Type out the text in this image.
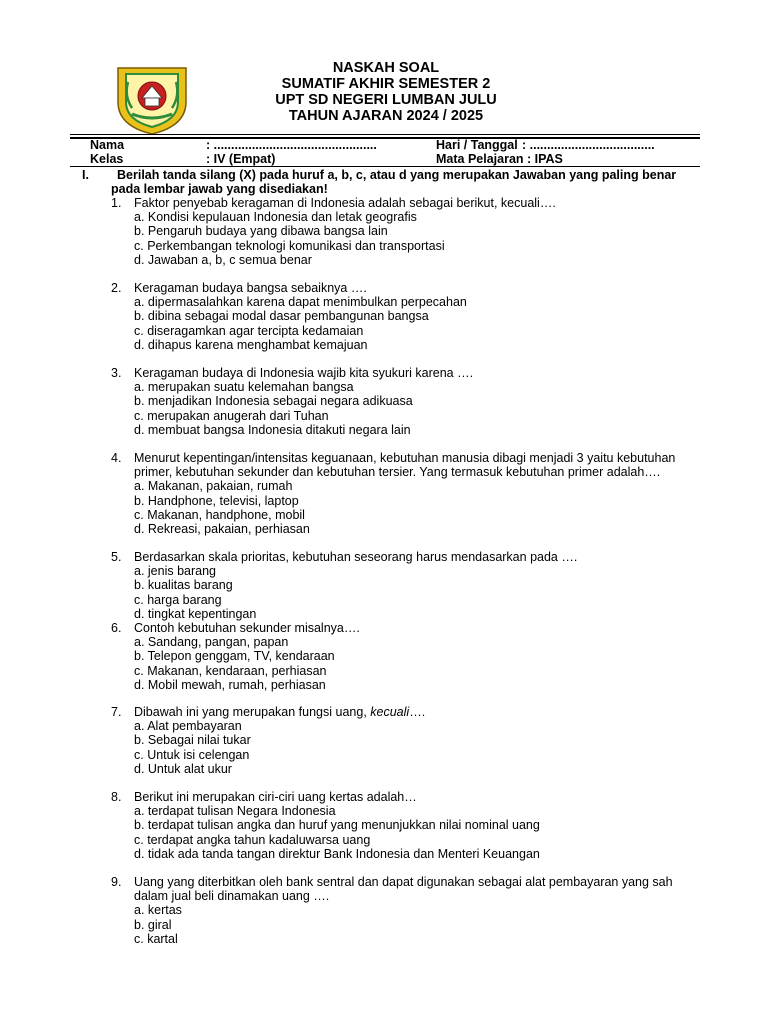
NASKAH SOAL
SUMATIF AKHIR SEMESTER 2
UPT SD NEGERI LUMBAN JULU
TAHUN AJARAN 2024 / 2025
Nama	: ...............................................
Kelas	: IV (Empat)
Hari / Tanggal : ....................................
Mata Pelajaran : IPAS
I.	Berilah tanda silang (X) pada huruf a, b, c, atau d yang merupakan Jawaban yang paling benar
pada lembar jawab yang disediakan!
1. Faktor penyebab keragaman di Indonesia adalah sebagai berikut, kecuali….
a. Kondisi kepulauan Indonesia dan letak geografis
b. Pengaruh budaya yang dibawa bangsa lain
c. Perkembangan teknologi komunikasi dan transportasi
d. Jawaban a, b, c semua benar
2. Keragaman budaya bangsa sebaiknya ….
a. dipermasalahkan karena dapat menimbulkan perpecahan
b. dibina sebagai modal dasar pembangunan bangsa
c. diseragamkan agar tercipta kedamaian
d. dihapus karena menghambat kemajuan
3. Keragaman budaya di Indonesia wajib kita syukuri karena ….
a. merupakan suatu kelemahan bangsa
b. menjadikan Indonesia sebagai negara adikuasa
c. merupakan anugerah dari Tuhan
d. membuat bangsa Indonesia ditakuti negara lain
4. Menurut kepentingan/intensitas keguanaan, kebutuhan manusia dibagi menjadi 3 yaitu kebutuhan
primer, kebutuhan sekunder dan kebutuhan tersier. Yang termasuk kebutuhan primer adalah….
a. Makanan, pakaian, rumah
b. Handphone, televisi, laptop
c. Makanan, handphone, mobil
d. Rekreasi, pakaian, perhiasan
5. Berdasarkan skala prioritas, kebutuhan seseorang harus mendasarkan pada ….
a. jenis barang
b. kualitas barang
c. harga barang
d. tingkat kepentingan
6. Contoh kebutuhan sekunder misalnya….
a. Sandang, pangan, papan
b. Telepon genggam, TV, kendaraan
c. Makanan, kendaraan, perhiasan
d. Mobil mewah, rumah, perhiasan
7. Dibawah ini yang merupakan fungsi uang, kecuali….
a. Alat pembayaran
b. Sebagai nilai tukar
c. Untuk isi celengan
d. Untuk alat ukur
8. Berikut ini merupakan ciri-ciri uang kertas adalah…
a. terdapat tulisan Negara Indonesia
b. terdapat tulisan angka dan huruf yang menunjukkan nilai nominal uang
c. terdapat angka tahun kadaluwarsa uang
d. tidak ada tanda tangan direktur Bank Indonesia dan Menteri Keuangan
9. Uang yang diterbitkan oleh bank sentral dan dapat digunakan sebagai alat pembayaran yang sah
dalam jual beli dinamakan uang ….
a. kertas
b. giral
c. kartal
